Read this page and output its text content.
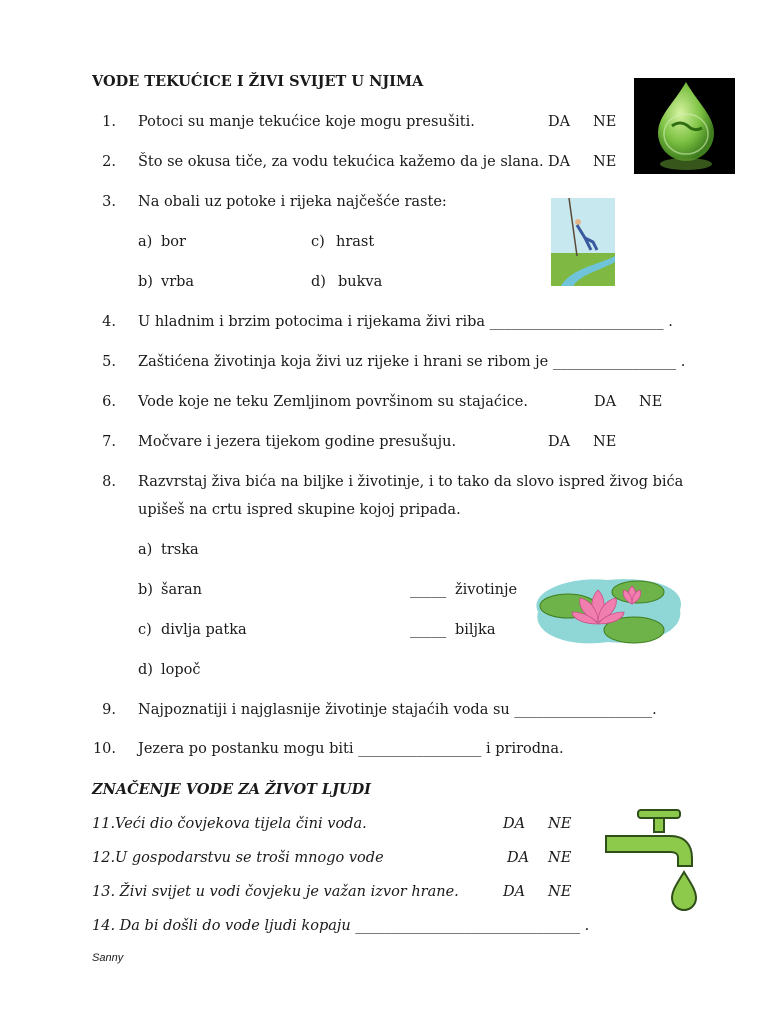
VODE TEKUĆICE I ŽIVI SVIJET U NJIMA
1. Potoci su manje tekućice koje mogu presušiti.	DA NE
2. Što se okusa tiče, za vodu tekućica kažemo da je slana. DA NE
3. Na obali uz potoke i rijeka najčešće raste:
a) bor	c) hrast
b) vrba	d) bukva
4. U hladnim i brzim potocima i rijekama živi riba ________________________ .
5. Zaštićena životinja koja živi uz rijeke i hrani se ribom je _________________ .
6. Vode koje ne teku Zemljinom površinom su stajaćice.	DA NE
7. Močvare i jezera tijekom godine presušuju.	DA NE
8. Razvrstaj živa bića na biljke i životinje, i to tako da slovo ispred živog bića
upišeš na crtu ispred skupine kojoj pripada.
a) trska
b) šaran
c) divlja patka
d) lopoč
_____ životinje
_____ biljka
9. Najpoznatiji i najglasnije životinje stajaćih voda su ___________________.
10. Jezera po postanku mogu biti _________________ i prirodna.
ZNAČENJE VODE ZA ŽIVOT LJUDI
11.Veći dio čovjekova tijela čini voda.	DA NE
12.U gospodarstvu se troši mnogo vode	DA NE
13. Živi svijet u vodi čovjeku je važan izvor hrane.	DA NE
14. Da bi došli do vode ljudi kopaju _______________________________ .
Sanny
